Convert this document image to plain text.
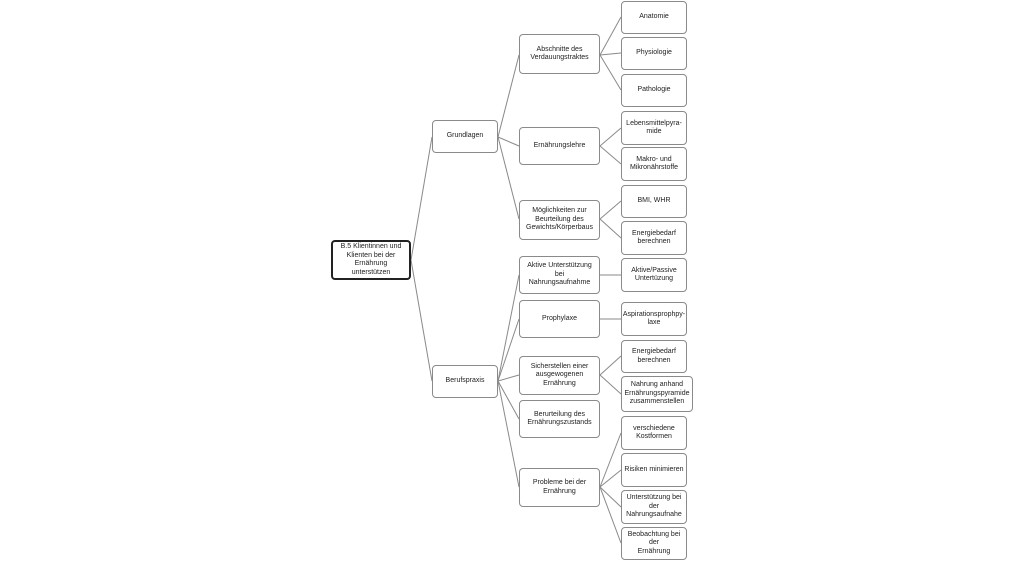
B.5 Klientinnen und
Klienten bei der
Ernährung unterstützen
Grundlagen
Berufspraxis
Abschnitte des
Verdauungstraktes
Ernährungslehre
Möglichkeiten zur
Beurteilung des
Gewichts/Körperbaus
Aktive Unterstützung bei
Nahrungsaufnahme
Prophylaxe
Sicherstellen einer
ausgewogenen
Ernährung
Berurteilung des
Ernährungszustands
Probleme bei der
Ernährung
Anatomie
Physiologie
Pathologie
Lebensmittelpyra-
mide
Makro- und
Mikronährstoffe
BMI, WHR
Energiebedarf
berechnen
Aktive/Passive
Untertüzung
Aspirationsprophpy-
laxe
Energiebedarf
berechnen
Nahrung anhand
Ernährungspyramide
zusammenstellen
verschiedene
Kostformen
Risiken minimieren
Unterstützung bei
der
Nahrungsaufnahe
Beobachtung bei der
Ernährung
